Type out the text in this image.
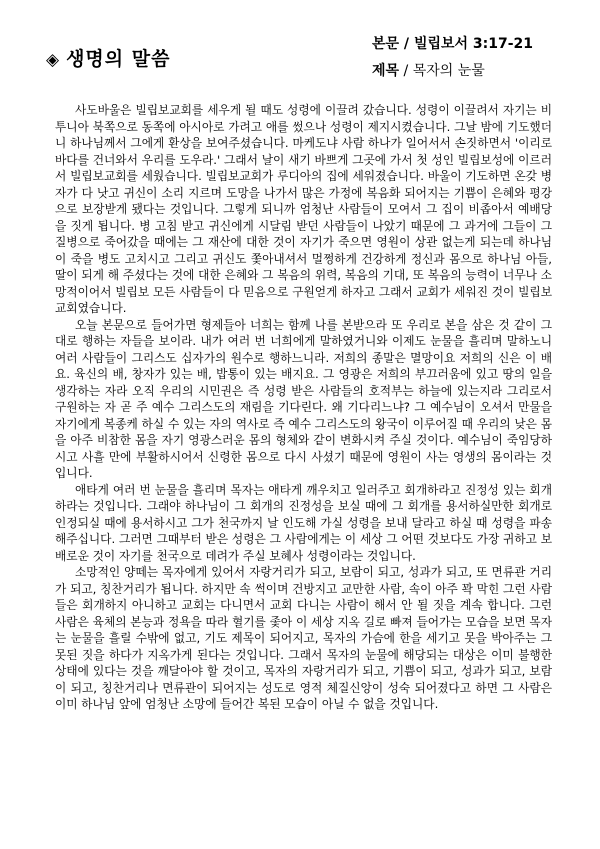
◈ 생명의 말씀
본문 / 빌립보서 3:17-21
제목 / 목자의 눈물

사도바울은 빌립보교회를 세우게 될 때도 성령에 이끌려 갔습니다. 성령이 이끌려서 자기는 비투니아 북쪽으로 동쪽에 아시아로 가려고 애를 썼으나 성령이 제지시켰습니다. 그날 밤에 기도했더니 하나님께서 그에게 환상을 보여주셨습니다. 마케도냐 사람 하나가 일어서서 손짓하면서 '이리로 바다를 건너와서 우리를 도우라.' 그래서 날이 새기 바쁘게 그곳에 가서 첫 성인 빌립보성에 이르러서 빌립보교회를 세웠습니다. 빌립보교회가 루디아의 집에 세워졌습니다. 바울이 기도하면 온갖 병자가 다 낫고 귀신이 소리 지르며 도망을 나가서 많은 가정에 복음화 되어지는 기쁨이 은혜와 평강으로 보장받게 됐다는 것입니다. 그렇게 되니까 엄청난 사람들이 모여서 그 집이 비좁아서 예배당을 짓게 됩니다. 병 고침 받고 귀신에게 시달림 받던 사람들이 나았기 때문에 그 과거에 그들이 그 질병으로 죽어갔을 때에는 그 재산에 대한 것이 자기가 죽으면 영원이 상관 없는게 되는데 하나님이 죽을 병도 고치시고 그리고 귀신도 쫓아내셔서 멀쩡하게 건강하게 정신과 몸으로 하나님 아들, 딸이 되게 해 주셨다는 것에 대한 은혜와 그 복음의 위력, 복음의 기대, 또 복음의 능력이 너무나 소망적이어서 빌립보 모든 사람들이 다 믿음으로 구원얻게 하자고 그래서 교회가 세워진 것이 빌립보 교회였습니다.

오늘 본문으로 들어가면 형제들아 너희는 함께 나를 본받으라 또 우리로 본을 삼은 것 같이 그대로 행하는 자들을 보이라. 내가 여러 번 너희에게 말하였거니와 이제도 눈물을 흘리며 말하노니 여러 사람들이 그리스도 십자가의 원수로 행하느니라. 저희의 종말은 멸망이요 저희의 신은 이 배요. 육신의 배, 창자가 있는 배, 밥통이 있는 배지요. 그 영광은 저희의 부끄러움에 있고 땅의 일을 생각하는 자라 오직 우리의 시민권은 즉 성령 받은 사람들의 호적부는 하늘에 있는지라 그리로서 구원하는 자 곧 주 예수 그리스도의 재림을 기다린다. 왜 기다리느냐? 그 예수님이 오셔서 만물을 자기에게 복종케 하실 수 있는 자의 역사로 즉 예수 그리스도의 왕국이 이루어질 때 우리의 낮은 몸을 아주 비참한 몸을 자기 영광스러운 몸의 형체와 같이 변화시켜 주실 것이다. 예수님이 죽임당하시고 사흘 만에 부활하시어서 신령한 몸으로 다시 사셨기 때문에 영원이 사는 영생의 몸이라는 것입니다.

애타게 여러 번 눈물을 흘리며 목자는 애타게 깨우치고 일러주고 회개하라고 진정성 있는 회개 하라는 것입니다. 그래야 하나님이 그 회개의 진정성을 보실 때에 그 회개를 용서하실만한 회개로 인정되실 때에 용서하시고 그가 천국까지 날 인도해 가실 성령을 보내 달라고 하실 때 성령을 파송해주십니다. 그러면 그때부터 받은 성령은 그 사람에게는 이 세상 그 어떤 것보다도 가장 귀하고 보배로운 것이 자기를 천국으로 데려가 주실 보혜사 성령이라는 것입니다.

소망적인 양떼는 목자에게 있어서 자랑거리가 되고, 보람이 되고, 성과가 되고, 또 면류관 거리가 되고, 칭찬거리가 됩니다. 하지만 속 썩이며 건방지고 교만한 사람, 속이 아주 꽉 막힌 그런 사람들은 회개하지 아니하고 교회는 다니면서 교회 다니는 사람이 해서 안 될 짓을 계속 합니다. 그런 사람은 육체의 본능과 정욕을 따라 혈기를 좇아 이 세상 지옥 길로 빠져 들어가는 모습을 보면 목자는 눈물을 흘릴 수밖에 없고, 기도 제목이 되어지고, 목자의 가슴에 한을 세기고 못을 박아주는 그 못된 짓을 하다가 지옥가게 된다는 것입니다. 그래서 목자의 눈물에 해당되는 대상은 이미 불행한 상태에 있다는 것을 깨달아야 할 것이고, 목자의 자랑거리가 되고, 기쁨이 되고, 성과가 되고, 보람이 되고, 칭찬거리나 면류관이 되어지는 성도로 영적 체질신앙이 성숙 되어졌다고 하면 그 사람은 이미 하나님 앞에 엄청난 소망에 들어간 복된 모습이 아닐 수 없을 것입니다.
